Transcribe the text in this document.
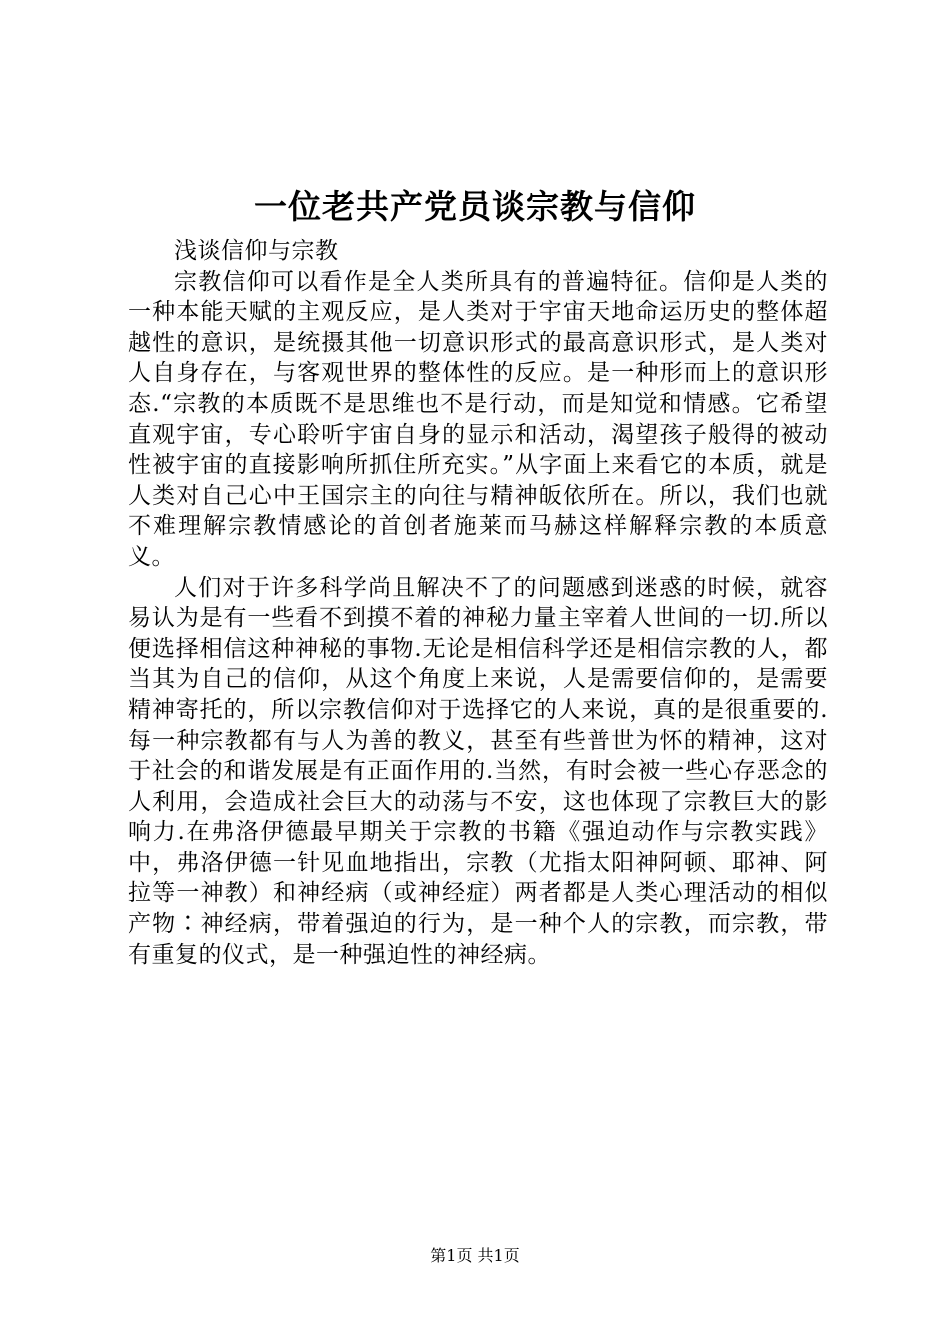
一位老共产党员谈宗教与信仰

浅谈信仰与宗教

宗教信仰可以看作是全人类所具有的普遍特征。信仰是人类的一种本能天赋的主观反应，是人类对于宇宙天地命运历史的整体超越性的意识，是统摄其他一切意识形式的最高意识形式，是人类对人自身存在，与客观世界的整体性的反应。是一种形而上的意识形态.“宗教的本质既不是思维也不是行动，而是知觉和情感。它希望直观宇宙，专心聆听宇宙自身的显示和活动，渴望孩子般得的被动性被宇宙的直接影响所抓住所充实。”从字面上来看它的本质，就是人类对自己心中王国宗主的向往与精神皈依所在。所以，我们也就不难理解宗教情感论的首创者施莱而马赫这样解释宗教的本质意义。

人们对于许多科学尚且解决不了的问题感到迷惑的时候，就容易认为是有一些看不到摸不着的神秘力量主宰着人世间的一切.所以便选择相信这种神秘的事物.无论是相信科学还是相信宗教的人，都当其为自己的信仰，从这个角度上来说，人是需要信仰的，是需要精神寄托的，所以宗教信仰对于选择它的人来说，真的是很重要的.每一种宗教都有与人为善的教义，甚至有些普世为怀的精神，这对于社会的和谐发展是有正面作用的.当然，有时会被一些心存恶念的人利用，会造成社会巨大的动荡与不安，这也体现了宗教巨大的影响力.在弗洛伊德最早期关于宗教的书籍《强迫动作与宗教实践》中，弗洛伊德一针见血地指出，宗教（尤指太阳神阿顿、耶神、阿拉等一神教）和神经病（或神经症）两者都是人类心理活动的相似产物∶神经病，带着强迫的行为，是一种个人的宗教，而宗教，带有重复的仪式，是一种强迫性的神经病。

第1页 共1页
